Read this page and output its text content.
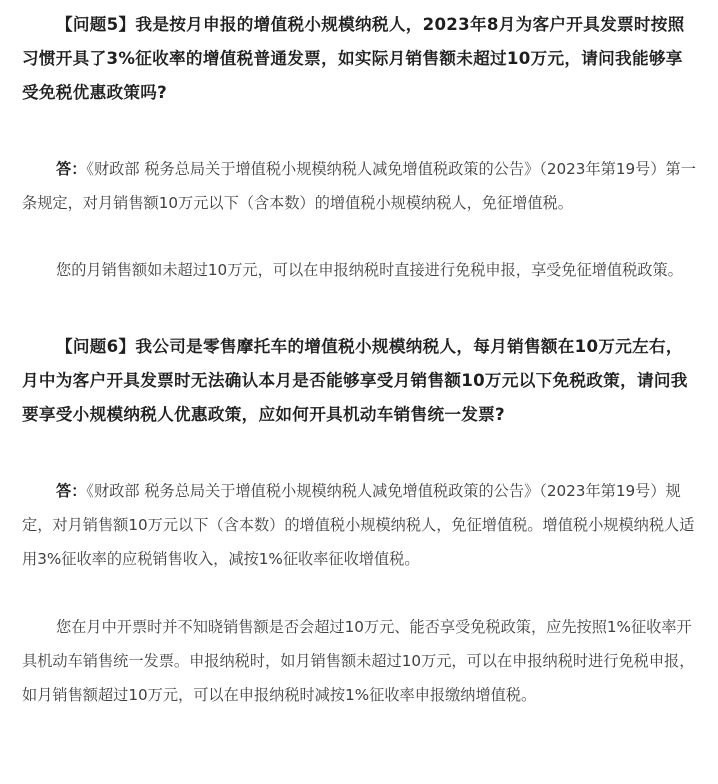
【问题5】我是按月申报的增值税小规模纳税人，2023年8月为客户开具发票时按照习惯开具了3%征收率的增值税普通发票，如实际月销售额未超过10万元，请问我能够享受免税优惠政策吗?

答：《财政部 税务总局关于增值税小规模纳税人减免增值税政策的公告》（2023年第19号）第一条规定，对月销售额10万元以下（含本数）的增值税小规模纳税人，免征增值税。

您的月销售额如未超过10万元，可以在申报纳税时直接进行免税申报，享受免征增值税政策。

【问题6】我公司是零售摩托车的增值税小规模纳税人，每月销售额在10万元左右，月中为客户开具发票时无法确认本月是否能够享受月销售额10万元以下免税政策，请问我要享受小规模纳税人优惠政策，应如何开具机动车销售统一发票?

答：《财政部 税务总局关于增值税小规模纳税人减免增值税政策的公告》（2023年第19号）规定，对月销售额10万元以下（含本数）的增值税小规模纳税人，免征增值税。增值税小规模纳税人适用3%征收率的应税销售收入，减按1%征收率征收增值税。

您在月中开票时并不知晓销售额是否会超过10万元、能否享受免税政策，应先按照1%征收率开具机动车销售统一发票。申报纳税时，如月销售额未超过10万元，可以在申报纳税时进行免税申报，如月销售额超过10万元，可以在申报纳税时减按1%征收率申报缴纳增值税。
